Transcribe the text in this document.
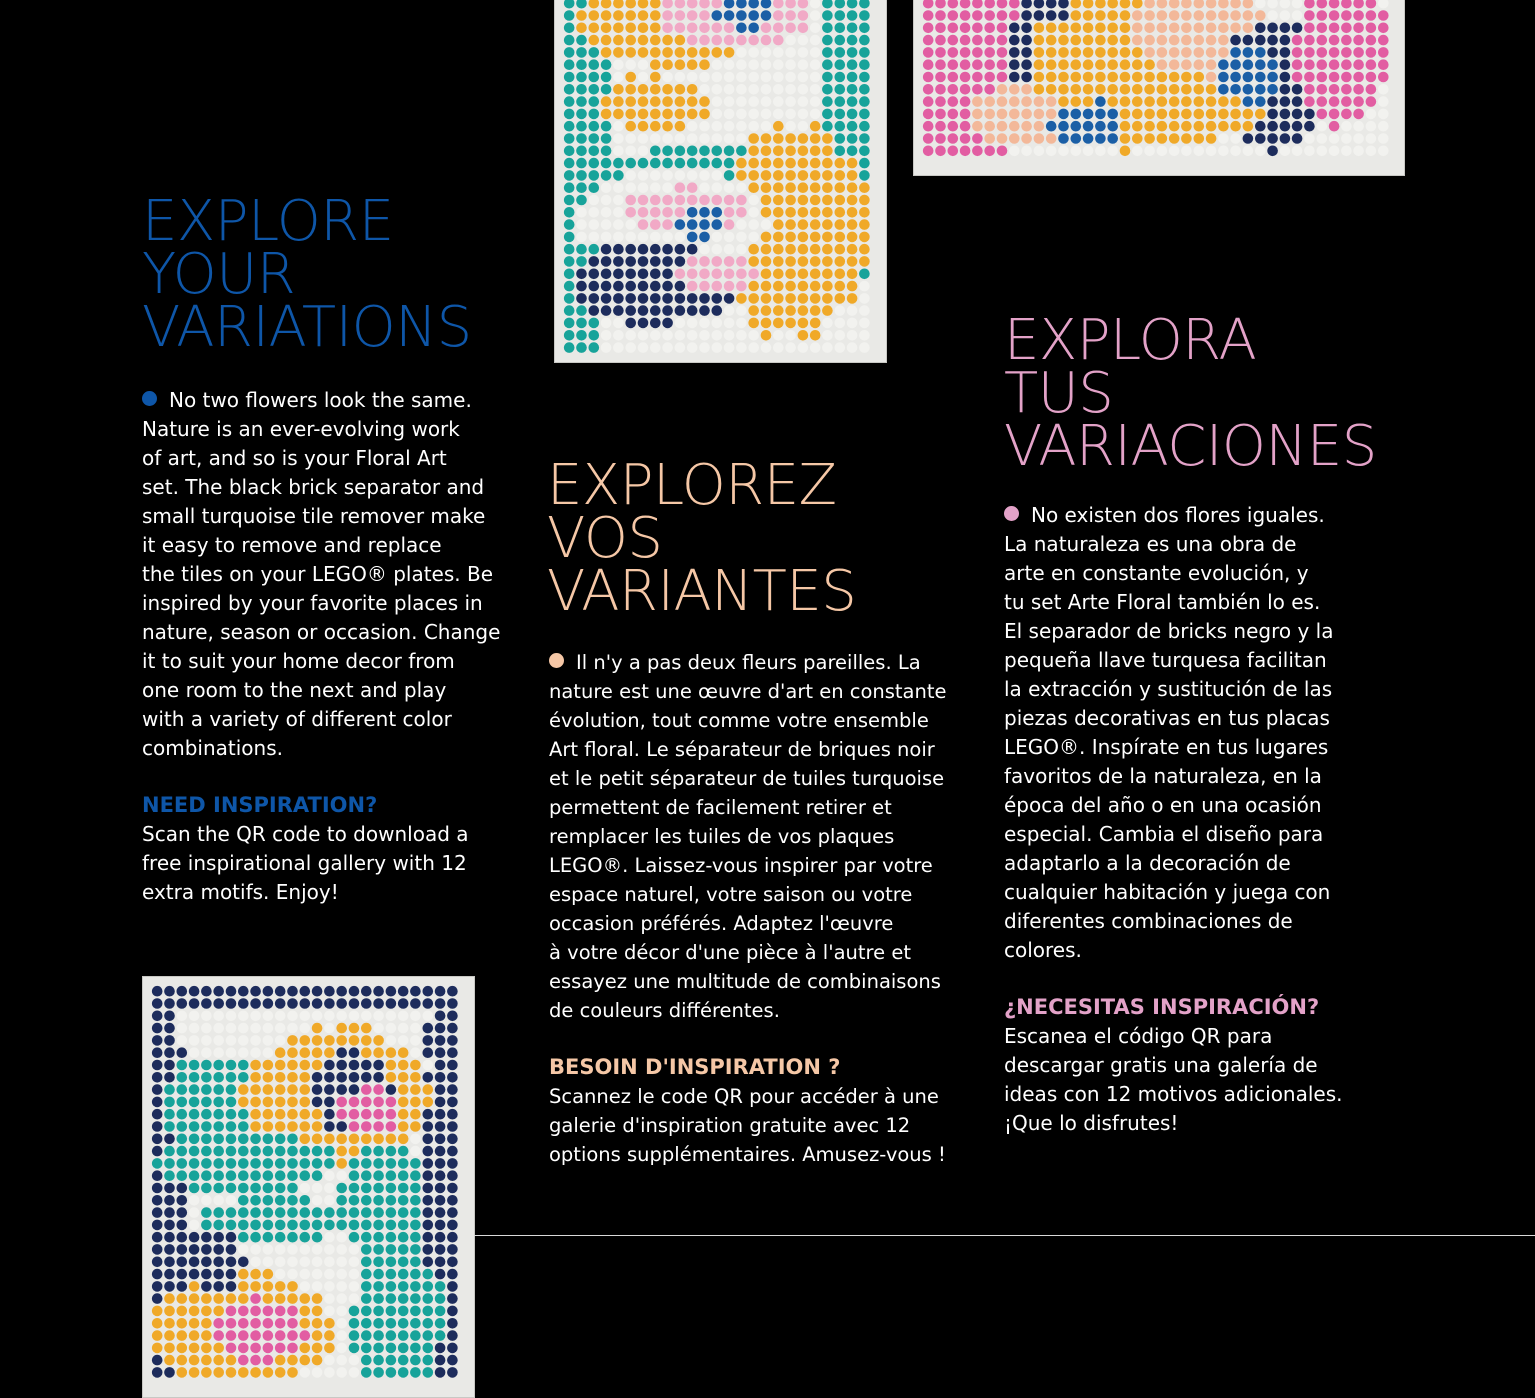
EXPLORE
YOUR
VARIATIONS

No two flowers look the same.
Nature is an ever-evolving work
of art, and so is your Floral Art
set. The black brick separator and
small turquoise tile remover make
it easy to remove and replace
the tiles on your LEGO® plates. Be
inspired by your favorite places in
nature, season or occasion. Change
it to suit your home decor from
one room to the next and play
with a variety of different color
combinations.

NEED INSPIRATION?

Scan the QR code to download a
free inspirational gallery with 12
extra motifs. Enjoy!

EXPLOREZ
VOS
VARIANTES

Il n'y a pas deux fleurs pareilles. La
nature est une œuvre d'art en constante
évolution, tout comme votre ensemble
Art floral. Le séparateur de briques noir
et le petit séparateur de tuiles turquoise
permettent de facilement retirer et
remplacer les tuiles de vos plaques
LEGO®. Laissez-vous inspirer par votre
espace naturel, votre saison ou votre
occasion préférés. Adaptez l'œuvre
à votre décor d'une pièce à l'autre et
essayez une multitude de combinaisons
de couleurs différentes.

BESOIN D'INSPIRATION ?

Scannez le code QR pour accéder à une
galerie d'inspiration gratuite avec 12
options supplémentaires. Amusez-vous !

EXPLORA
TUS
VARIACIONES

No existen dos flores iguales.
La naturaleza es una obra de
arte en constante evolución, y
tu set Arte Floral también lo es.
El separador de bricks negro y la
pequeña llave turquesa facilitan
la extracción y sustitución de las
piezas decorativas en tus placas
LEGO®. Inspírate en tus lugares
favoritos de la naturaleza, en la
época del año o en una ocasión
especial. Cambia el diseño para
adaptarlo a la decoración de
cualquier habitación y juega con
diferentes combinaciones de
colores.

¿NECESITAS INSPIRACIÓN?

Escanea el código QR para
descargar gratis una galería de
ideas con 12 motivos adicionales.
¡Que lo disfrutes!
